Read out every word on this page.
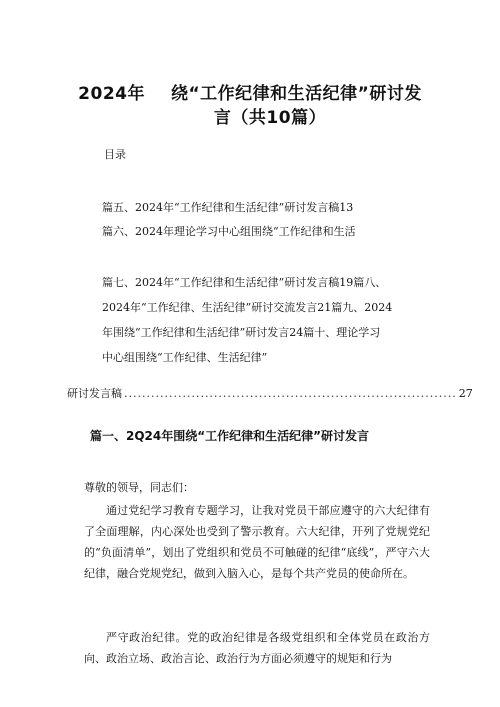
2024年 绕“工作纪律和生活纪律”研讨发
言（共10篇）
目录
篇五、2024年“工作纪律和生活纪律”研讨发言稿13
篇六、2024年理论学习中心组围绕“工作纪律和生活
篇七、2024年“工作纪律和生活纪律”研讨发言稿19篇八、
2024年“工作纪律、生活纪律”研讨交流发言21篇九、2024
年围绕“工作纪律和生活纪律”研讨发言24篇十、理论学习
中心组围绕“工作纪律、生活纪律”
研讨发言稿 .......................................................................... 27
篇一、2Q24年围绕“工作纪律和生活纪律”研讨发言
尊敬的领导，同志们：
通过党纪学习教育专题学习，让我对党员干部应遵守的六大纪律有了全面理解，内心深处也受到了警示教育。六大纪律，开列了党规党纪的“负面清单”，划出了党组织和党员不可触碰的纪律“底线”，严守六大纪律，融合党规党纪，做到入脑入心，是每个共产党员的使命所在。
严守政治纪律。党的政治纪律是各级党组织和全体党员在政治方向、政治立场、政治言论、政治行为方面必须遵守的规矩和行为
